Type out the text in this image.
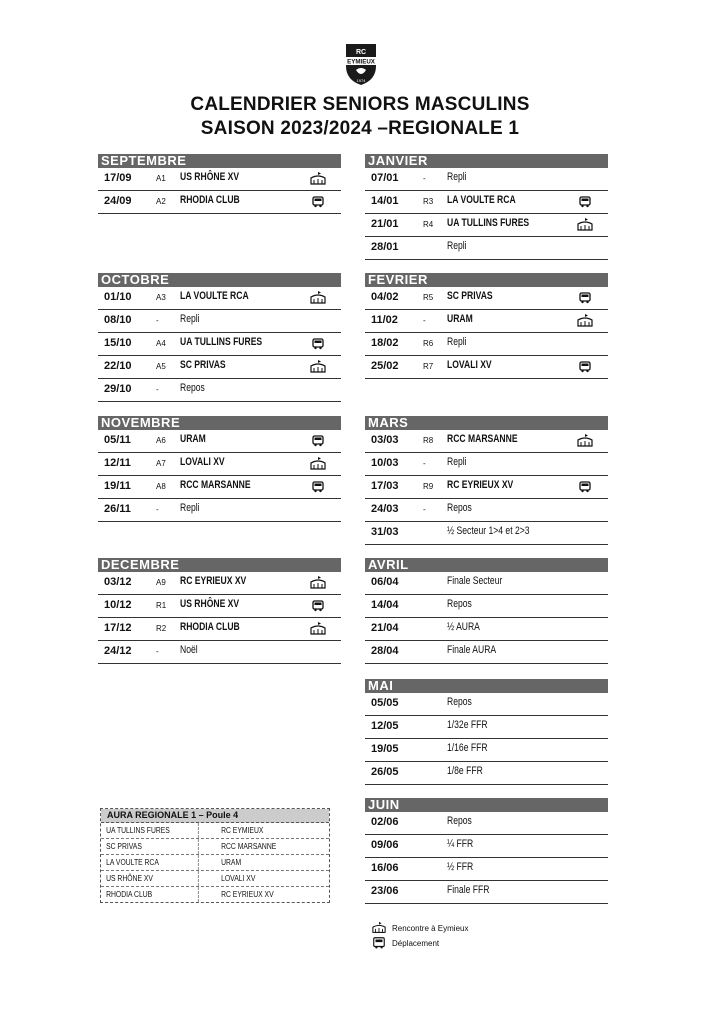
RC
EYMIEUX
1974
CALENDRIER SENIORS MASCULINS
SAISON 2023/2024 –REGIONALE 1
SEPTEMBRE
17/09	A1 US RHÔNE XV
24/09	A2 RHODIA CLUB
OCTOBRE
01/10	A3 LA VOULTE RCA
08/10	- Repli
15/10	A4 UA TULLINS FURES
22/10	A5 SC PRIVAS
29/10	- Repos
NOVEMBRE
05/11	A6 URAM
12/11	A7 LOVALI XV
19/11	A8 RCC MARSANNE
26/11	- Repli
DECEMBRE
03/12	A9 RC EYRIEUX XV
10/12	R1 US RHÔNE XV
17/12	R2 RHODIA CLUB
24/12	- Noël
JANVIER
07/01	- Repli
14/01	R3 LA VOULTE RCA
21/01	R4 UA TULLINS FURES
28/01	Repli
FEVRIER
04/02	R5 SC PRIVAS
11/02	- URAM
18/02	R6 Repli
25/02	R7 LOVALI XV
MARS
03/03	R8 RCC MARSANNE
10/03	- Repli
17/03	R9 RC EYRIEUX XV
24/03	- Repos
31/03	½ Secteur 1>4 et 2>3
AVRIL
06/04	Finale Secteur
14/04	Repos
21/04	½ AURA
28/04	Finale AURA
MAI
05/05	Repos
12/05	1/32e FFR
19/05	1/16e FFR
26/05	1/8e FFR
JUIN
02/06	Repos
09/06	¼ FFR
16/06	½ FFR
23/06	Finale FFR
AURA REGIONALE 1 – Poule 4
UA TULLINS FURES	RC EYMIEUX
SC PRIVAS	RCC MARSANNE
LA VOULTE RCA	URAM
US RHÔNE XV	LOVALI XV
RHODIA CLUB	RC EYRIEUX XV
Rencontre à Eymieux
Déplacement
